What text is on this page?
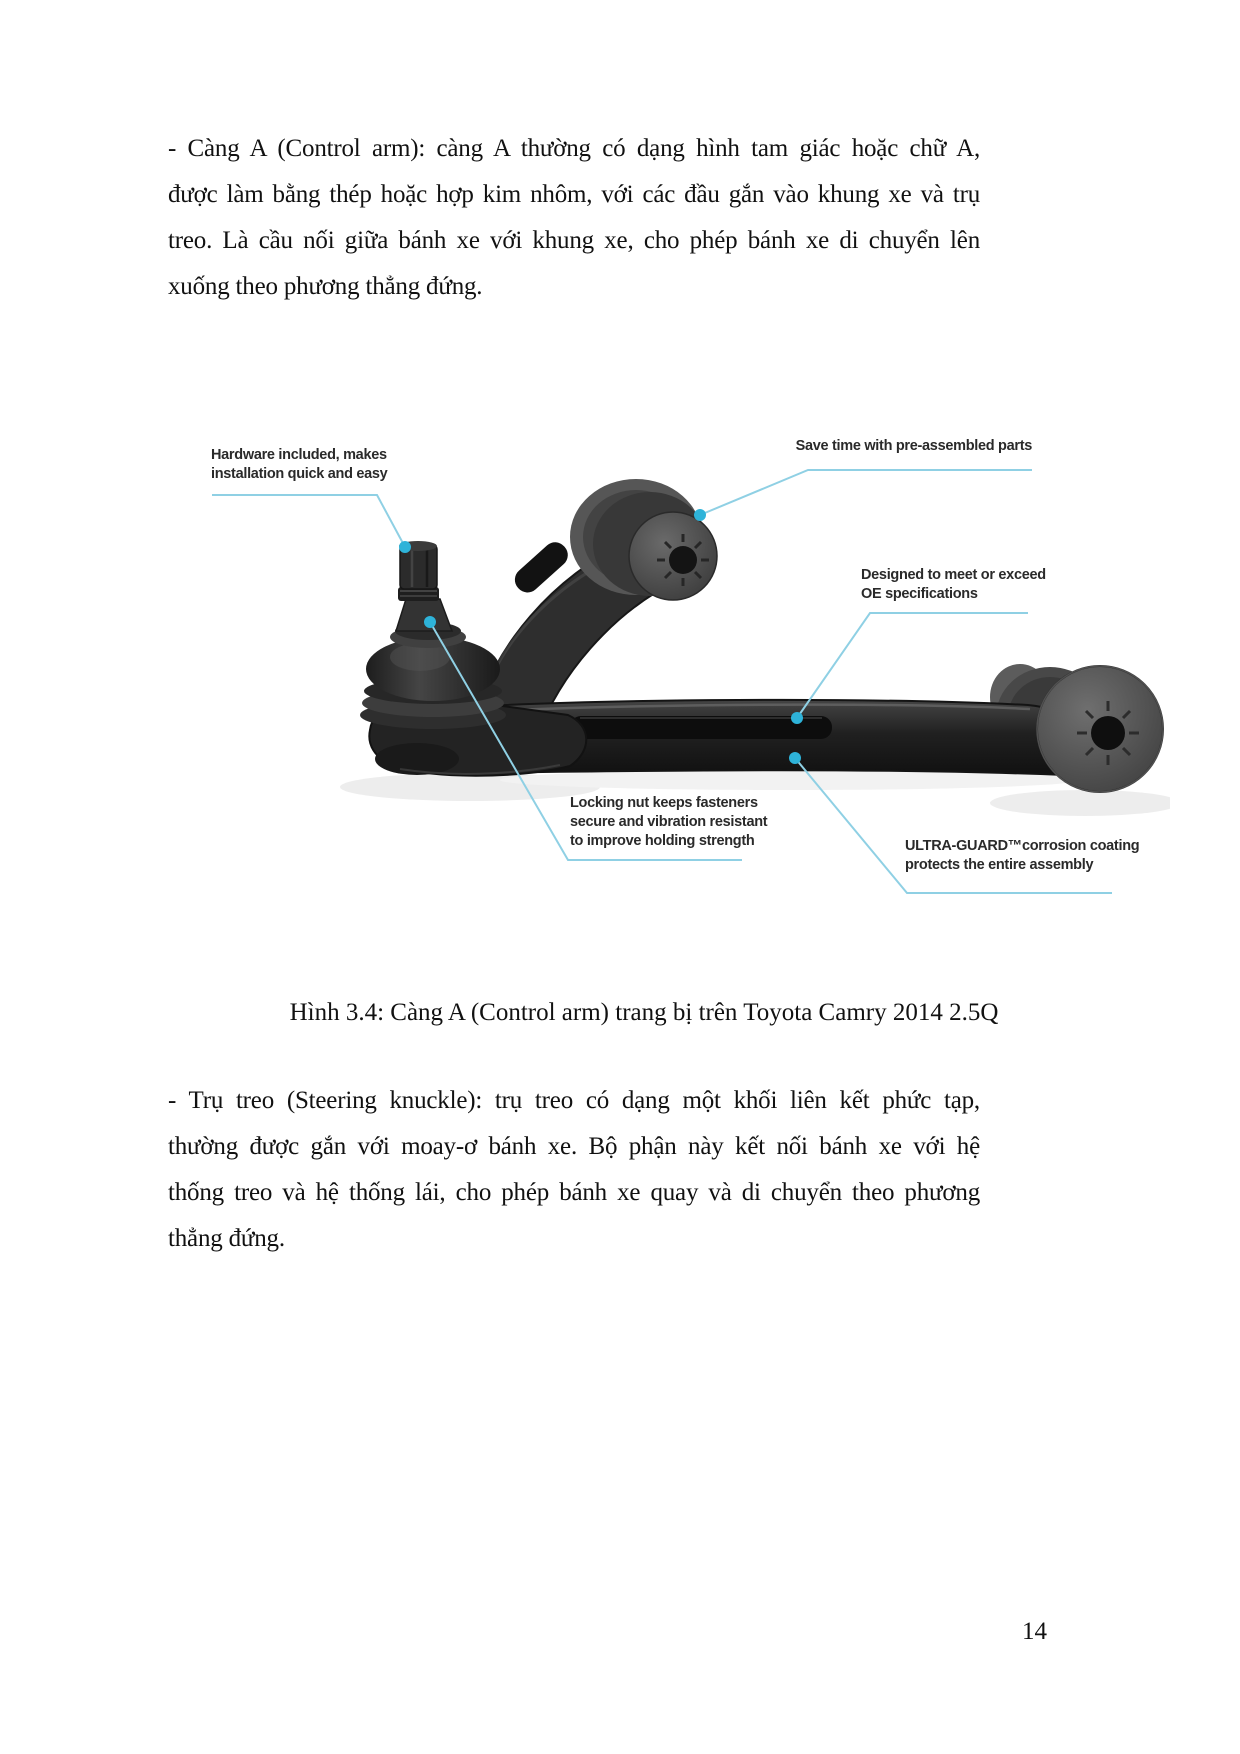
- Càng A (Control arm): càng A thường có dạng hình tam giác hoặc chữ A,
được làm bằng thép hoặc hợp kim nhôm, với các đầu gắn vào khung xe và trụ
treo. Là cầu nối giữa bánh xe với khung xe, cho phép bánh xe di chuyển lên
xuống theo phương thẳng đứng.
Hardware included, makes
installation quick and easy
Save time with pre-assembled parts
Designed to meet or exceed
OE specifications
Locking nut keeps fasteners
secure and vibration resistant
to improve holding strength	ULTRA-GUARD™corrosion coating
protects the entire assembly
Hình 3.4: Càng A (Control arm) trang bị trên Toyota Camry 2014 2.5Q
- Trụ treo (Steering knuckle): trụ treo có dạng một khối liên kết phức tạp,
thường được gắn với moay-ơ bánh xe. Bộ phận này kết nối bánh xe với hệ
thống treo và hệ thống lái, cho phép bánh xe quay và di chuyển theo phương
thẳng đứng.
14
